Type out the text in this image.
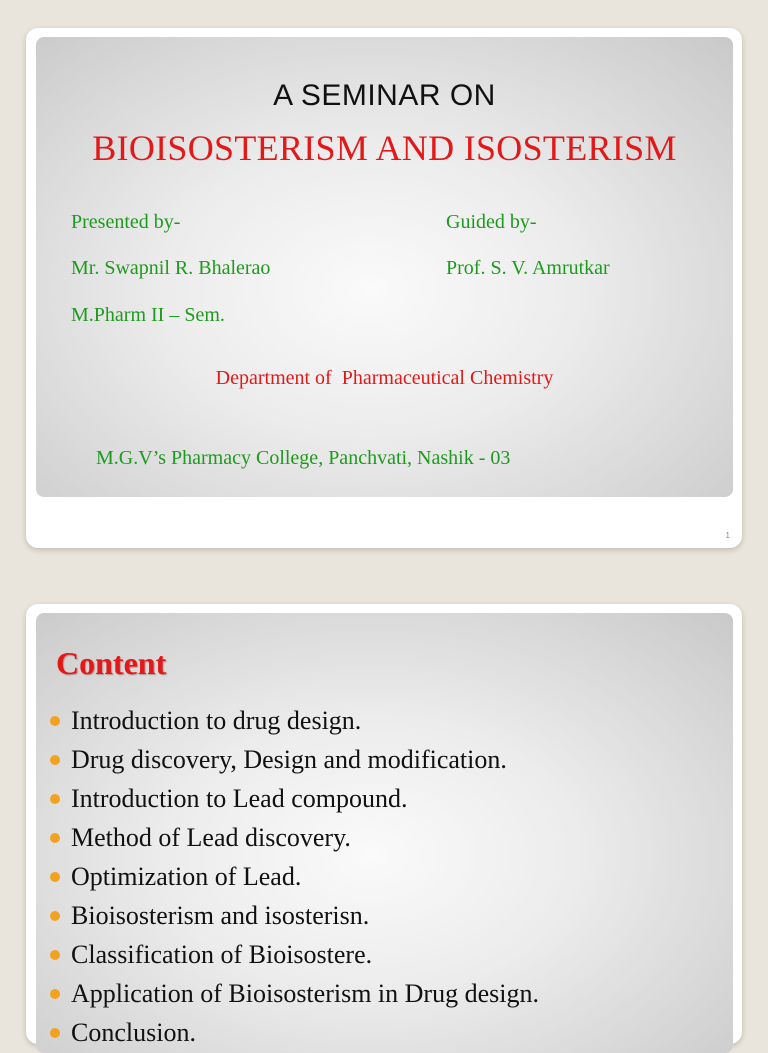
A SEMINAR ON
BIOISOSTERISM AND ISOSTERISM
Presented by-
Mr. Swapnil R. Bhalerao
M.Pharm II – Sem.
Guided by-
Prof. S. V. Amrutkar
Department of  Pharmaceutical Chemistry
M.G.V’s Pharmacy College, Panchvati, Nashik - 03
1
Content
Introduction to drug design.
Drug discovery, Design and modification.
Introduction to Lead compound.
Method of Lead discovery.
Optimization of Lead.
Bioisosterism and isosterisn.
Classification of Bioisostere.
Application of Bioisosterism in Drug design.
Conclusion.
